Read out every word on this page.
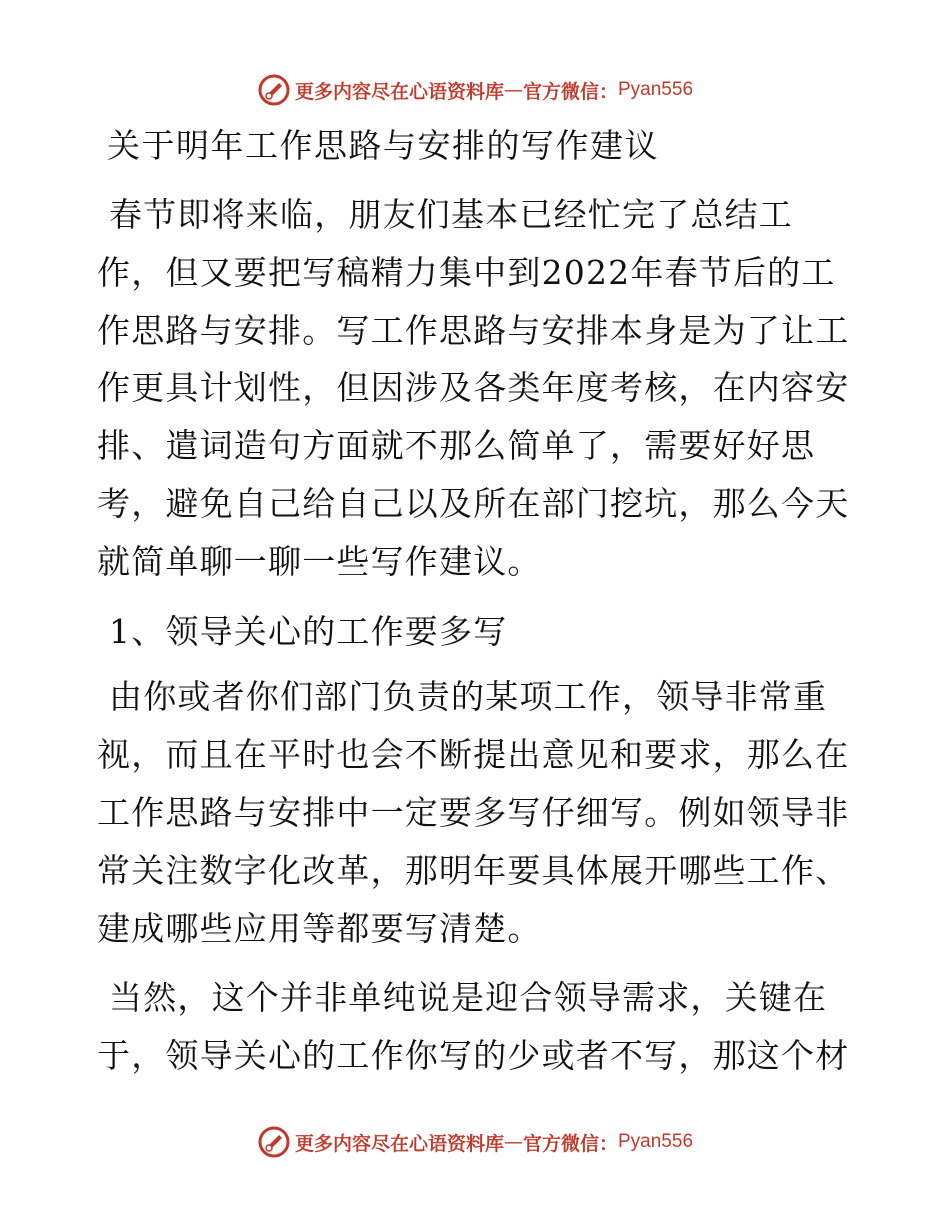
更多内容尽在心语资料库 — 官方微信： Pyan556
关于明年工作思路与安排的写作建议

春节即将来临，朋友们基本已经忙完了总结工作，但又要把写稿精力集中到2022年春节后的工作思路与安排。写工作思路与安排本身是为了让工作更具计划性，但因涉及各类年度考核，在内容安排、遣词造句方面就不那么简单了，需要好好思考，避免自己给自己以及所在部门挖坑，那么今天就简单聊一聊一些写作建议。

1、领导关心的工作要多写

由你或者你们部门负责的某项工作，领导非常重视，而且在平时也会不断提出意见和要求，那么在工作思路与安排中一定要多写仔细写。例如领导非常关注数字化改革，那明年要具体展开哪些工作、建成哪些应用等都要写清楚。

当然，这个并非单纯说是迎合领导需求，关键在于，领导关心的工作你写的少或者不写，那这个材

更多内容尽在心语资料库 — 官方微信： Pyan556
